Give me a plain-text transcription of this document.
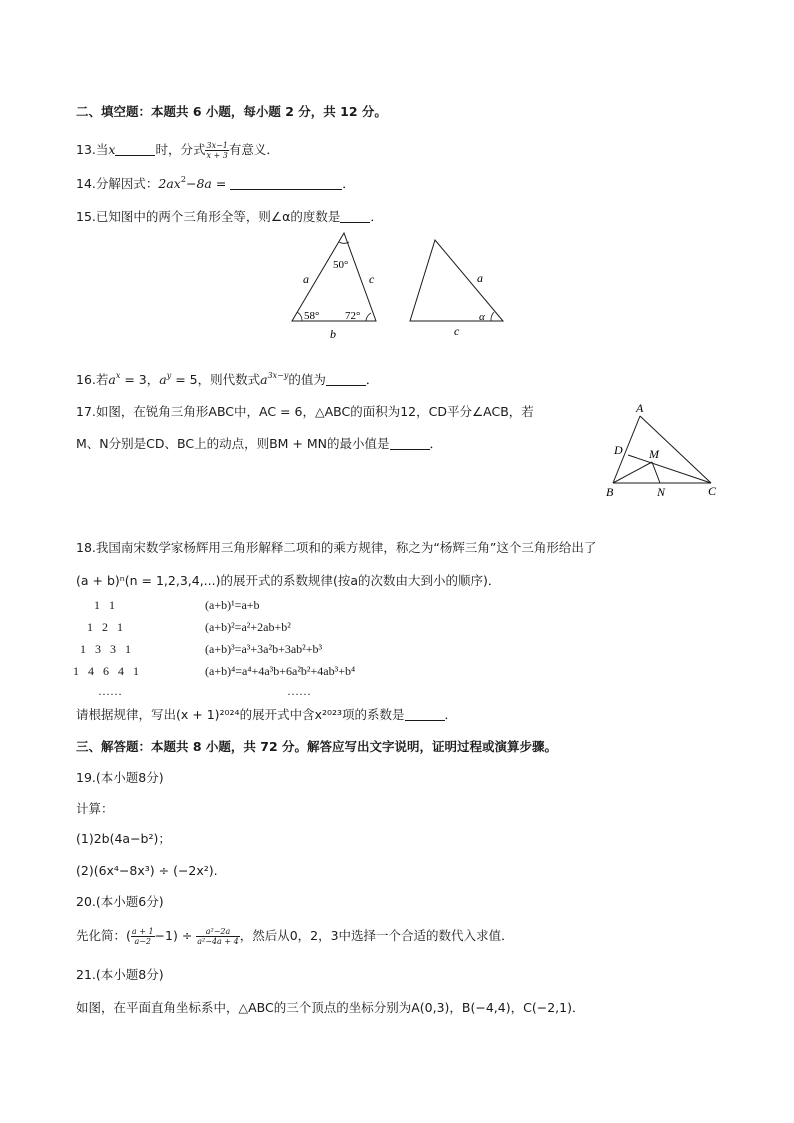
二、填空题：本题共 6 小题，每小题 2 分，共 12 分。
13.当x	时，分式 $\frac{3x-1}{x + 3}$ 有意义．
14.分解因式：$2ax^2-8a$ =	．
15.已知图中的两个三角形全等，则∠α的度数是 ．
50°
58° 72°
a	c
b
a
c
α
16.若$a^x = 3$，$a^y = 5$，则代数式$a^{3x-y}$的值为	．
17.如图，在锐角三角形ABC中，AC = 6，△ABC的面积为12，CD平分∠ACB，若
M、N分别是CD、BC上的动点，则BM + MN的最小值是	．
A
B	C
D M
N
18.我国南宋数学家杨辉用三角形解释二项和的乘方规律，称之为“杨辉三角”这个三角形给出了
(a + b)ⁿ(n = 1,2,3,4,...)的展开式的系数规律(按a的次数由大到小的顺序)．
1   1
1   2   1
1   3   3   1
1   4   6   4   1
……
(a+b)¹=a+b
(a+b)²=a²+2ab+b²
(a+b)³=a³+3a²b+3ab²+b³
(a+b)⁴=a⁴+4a³b+6a²b²+4ab³+b⁴
……
请根据规律，写出(x + 1)²⁰²⁴的展开式中含x²⁰²³项的系数是	．
三、解答题：本题共 8 小题，共 72 分。解答应写出文字说明，证明过程或演算步骤。
19.(本小题8分)
计算：
(1)2b(4a−b²)；
(2)(6x⁴−8x³) ÷ (−2x²).
20.(本小题6分)
先化简：( $\frac{a + 1}{a-2} -1) \div \frac{\text{a²−2a}}{\text{a²−4a + 4}}$ ，然后从0，2，3中选择一个合适的数代入求值．
21.(本小题8分)
如图，在平面直角坐标系中，△ABC的三个顶点的坐标分别为A(0,3)，B(−4,4)，C(−2,1)．
